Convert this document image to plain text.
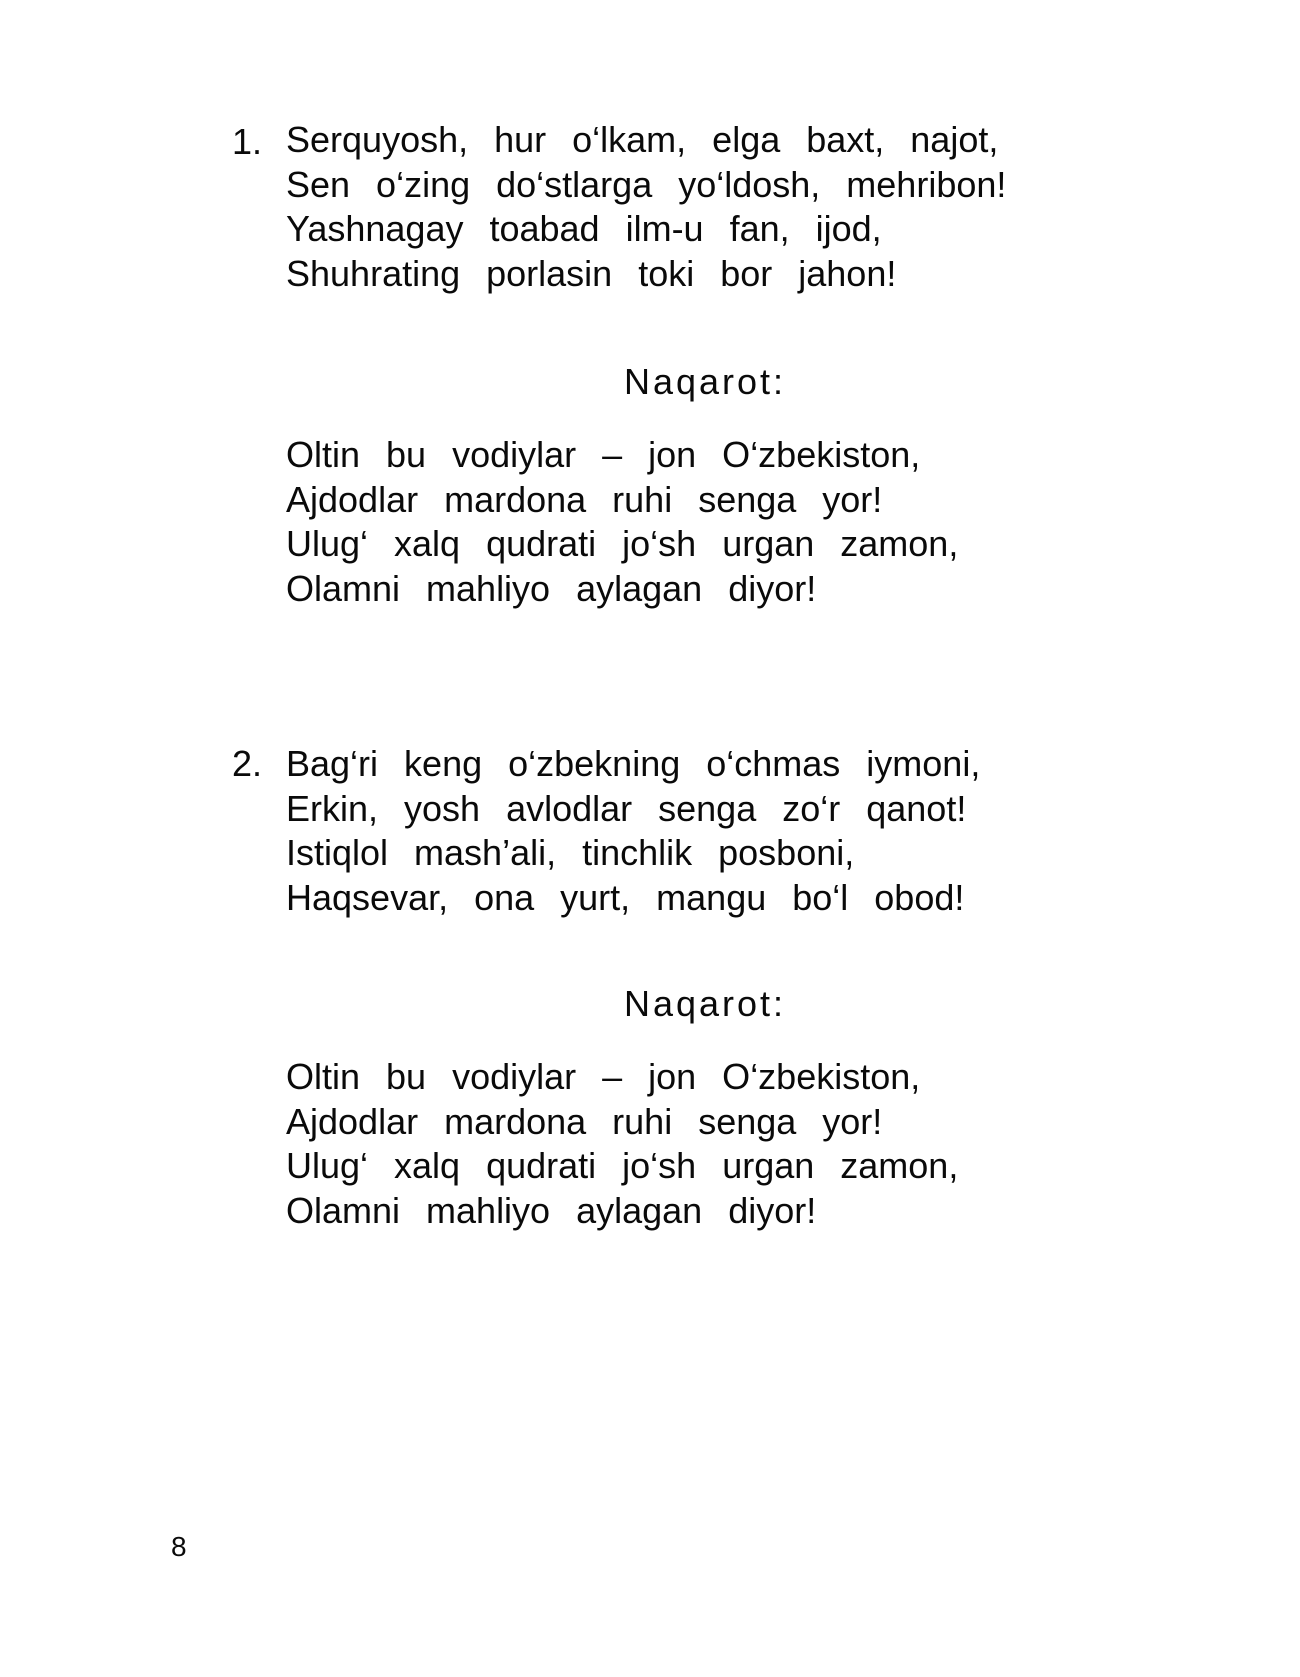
1. Serquyosh, hur o‘lkam, elga baxt, najot,
Sen o‘zing do‘stlarga yo‘ldosh, mehribon!
Yashnagay toabad ilm-u fan, ijod,
Shuhrating porlasin toki bor jahon!
Naqarot:
Oltin bu vodiylar – jon O‘zbekiston,
Ajdodlar mardona ruhi senga yor!
Ulug‘ xalq qudrati jo‘sh urgan zamon,
Olamni mahliyo aylagan diyor!
2. Bag‘ri keng o‘zbekning o‘chmas iymoni,
Erkin, yosh avlodlar senga zo‘r qanot!
Istiqlol mash’ali, tinchlik posboni,
Haqsevar, ona yurt, mangu bo‘l obod!
Naqarot:
Oltin bu vodiylar – jon O‘zbekiston,
Ajdodlar mardona ruhi senga yor!
Ulug‘ xalq qudrati jo‘sh urgan zamon,
Olamni mahliyo aylagan diyor!
8
